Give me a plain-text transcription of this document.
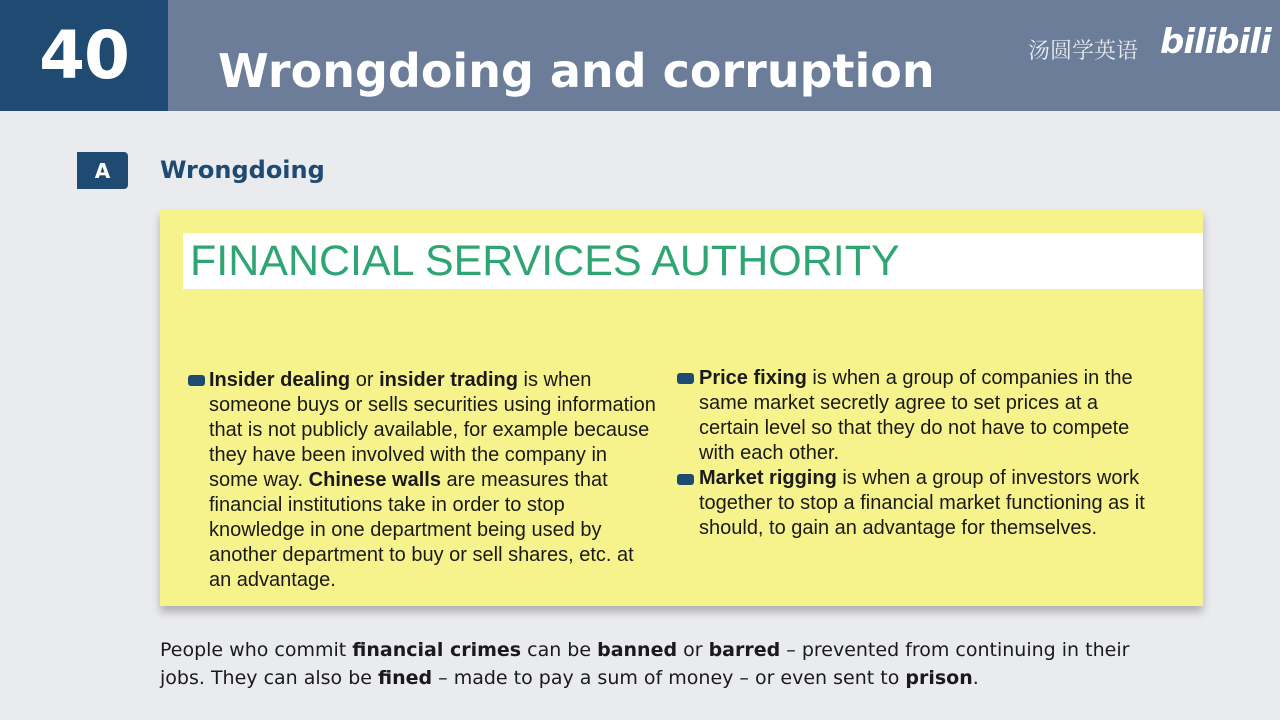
40	Wrongdoing and corruption	汤圆学英语 bilibili
A	Wrongdoing
FINANCIAL SERVICES AUTHORITY

Insider dealing or insider trading is when someone buys or sells securities using information that is not publicly available, for example because they have been involved with the company in some way. Chinese walls are measures that financial institutions take in order to stop knowledge in one department being used by another department to buy or sell shares, etc. at an advantage.

Price fixing is when a group of companies in the same market secretly agree to set prices at a certain level so that they do not have to compete with each other.

Market rigging is when a group of investors work together to stop a financial market functioning as it should, to gain an advantage for themselves.

People who commit financial crimes can be banned or barred – prevented from continuing in their jobs. They can also be fined – made to pay a sum of money – or even sent to prison.
